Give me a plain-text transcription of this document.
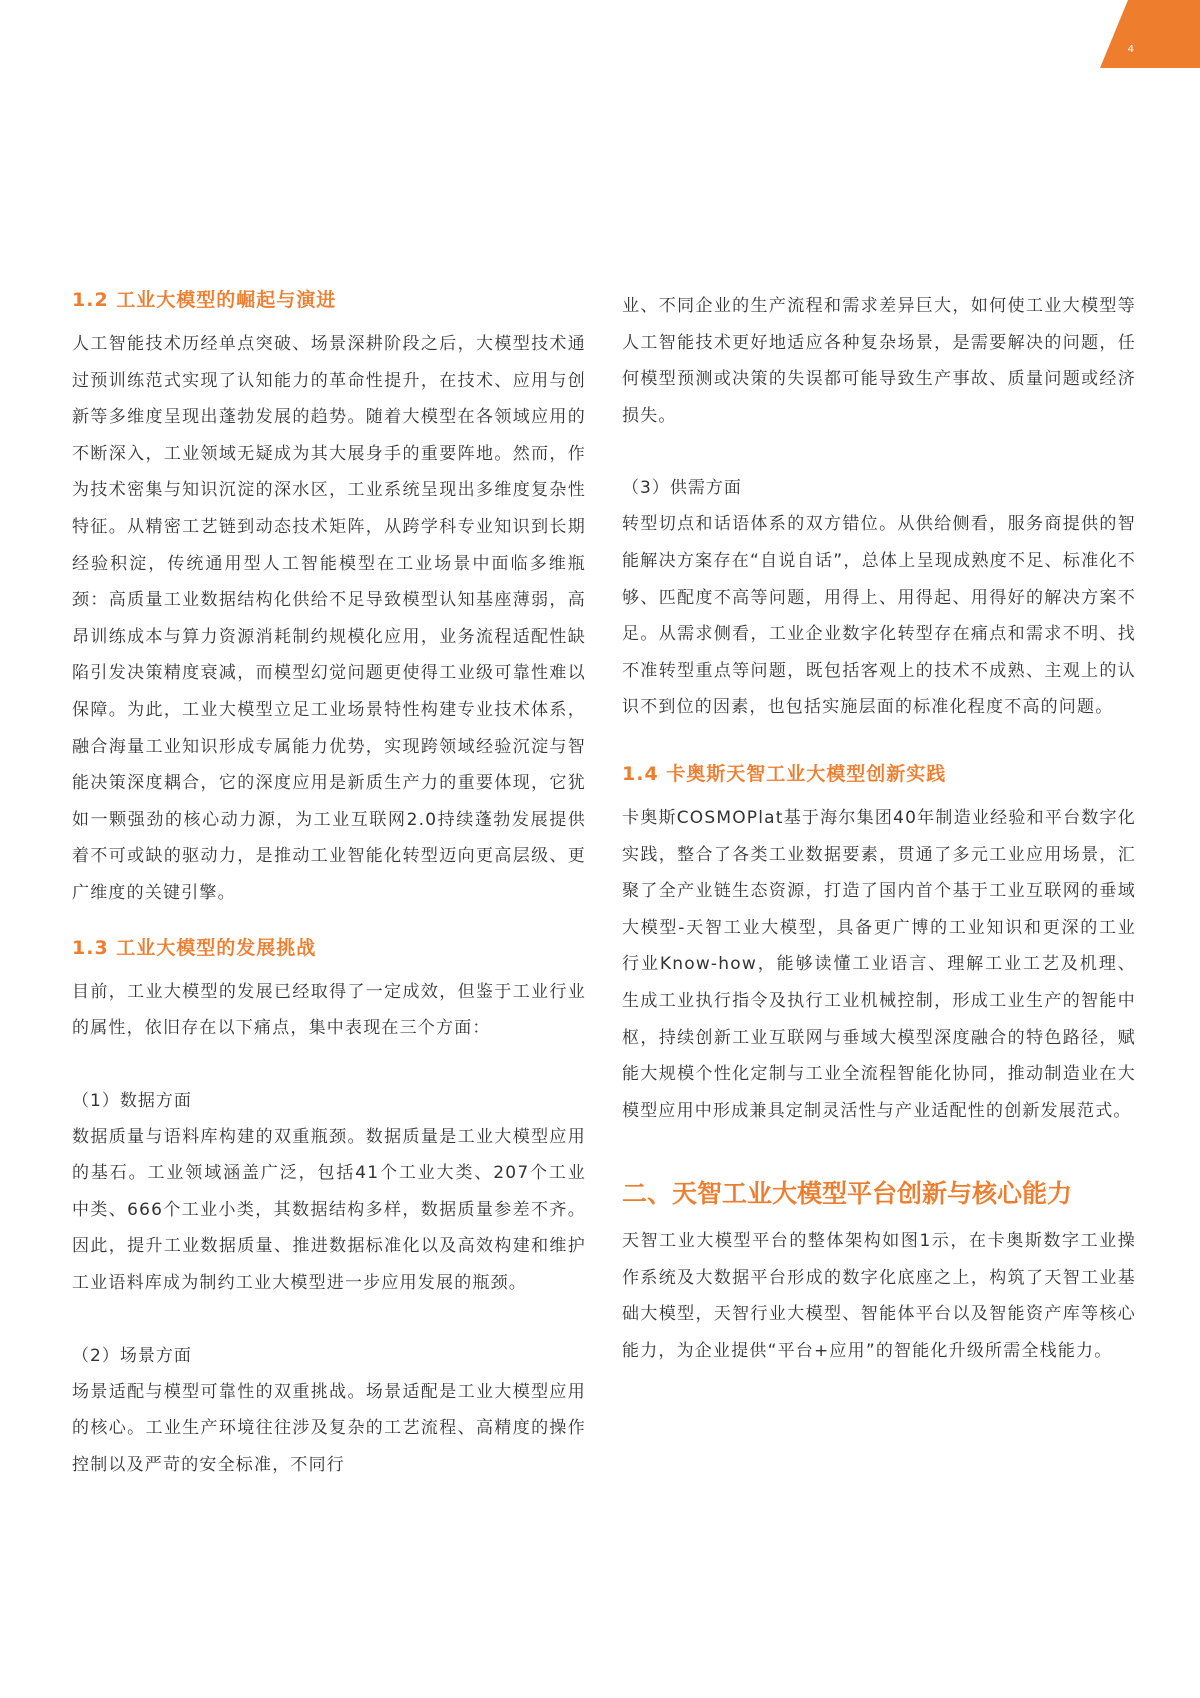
4
1.2 工业大模型的崛起与演进

人工智能技术历经单点突破、场景深耕阶段之后，大模型技术通过预训练范式实现了认知能力的革命性提升，在技术、应用与创新等多维度呈现出蓬勃发展的趋势。随着大模型在各领域应用的不断深入，工业领域无疑成为其大展身手的重要阵地。然而，作为技术密集与知识沉淀的深水区，工业系统呈现出多维度复杂性特征。从精密工艺链到动态技术矩阵，从跨学科专业知识到长期经验积淀，传统通用型人工智能模型在工业场景中面临多维瓶颈：高质量工业数据结构化供给不足导致模型认知基座薄弱，高昂训练成本与算力资源消耗制约规模化应用，业务流程适配性缺陷引发决策精度衰减，而模型幻觉问题更使得工业级可靠性难以保障。为此，工业大模型立足工业场景特性构建专业技术体系，融合海量工业知识形成专属能力优势，实现跨领域经验沉淀与智能决策深度耦合，它的深度应用是新质生产力的重要体现，它犹如一颗强劲的核心动力源，为工业互联网2.0持续蓬勃发展提供着不可或缺的驱动力，是推动工业智能化转型迈向更高层级、更广维度的关键引擎。

1.3 工业大模型的发展挑战

目前，工业大模型的发展已经取得了一定成效，但鉴于工业行业的属性，依旧存在以下痛点，集中表现在三个方面：

（1）数据方面

数据质量与语料库构建的双重瓶颈。数据质量是工业大模型应用的基石。工业领域涵盖广泛，包括41个工业大类、207个工业中类、666个工业小类，其数据结构多样，数据质量参差不齐。因此，提升工业数据质量、推进数据标准化以及高效构建和维护工业语料库成为制约工业大模型进一步应用发展的瓶颈。

（2）场景方面

场景适配与模型可靠性的双重挑战。场景适配是工业大模型应用的核心。工业生产环境往往涉及复杂的工艺流程、高精度的操作控制以及严苛的安全标准，不同行

业、不同企业的生产流程和需求差异巨大，如何使工业大模型等人工智能技术更好地适应各种复杂场景，是需要解决的问题，任何模型预测或决策的失误都可能导致生产事故、质量问题或经济损失。

（3）供需方面

转型切点和话语体系的双方错位。从供给侧看，服务商提供的智能解决方案存在“自说自话”，总体上呈现成熟度不足、标准化不够、匹配度不高等问题，用得上、用得起、用得好的解决方案不足。从需求侧看，工业企业数字化转型存在痛点和需求不明、找不准转型重点等问题，既包括客观上的技术不成熟、主观上的认识不到位的因素，也包括实施层面的标准化程度不高的问题。

1.4 卡奥斯天智工业大模型创新实践

卡奥斯COSMOPlat基于海尔集团40年制造业经验和平台数字化实践，整合了各类工业数据要素，贯通了多元工业应用场景，汇聚了全产业链生态资源，打造了国内首个基于工业互联网的垂域大模型-天智工业大模型，具备更广博的工业知识和更深的工业行业Know-how，能够读懂工业语言、理解工业工艺及机理、生成工业执行指令及执行工业机械控制，形成工业生产的智能中枢，持续创新工业互联网与垂域大模型深度融合的特色路径，赋能大规模个性化定制与工业全流程智能化协同，推动制造业在大模型应用中形成兼具定制灵活性与产业适配性的创新发展范式。

二、天智工业大模型平台创新与核心能力

天智工业大模型平台的整体架构如图1示，在卡奥斯数字工业操作系统及大数据平台形成的数字化底座之上，构筑了天智工业基础大模型，天智行业大模型、智能体平台以及智能资产库等核心能力，为企业提供“平台+应用”的智能化升级所需全栈能力。
